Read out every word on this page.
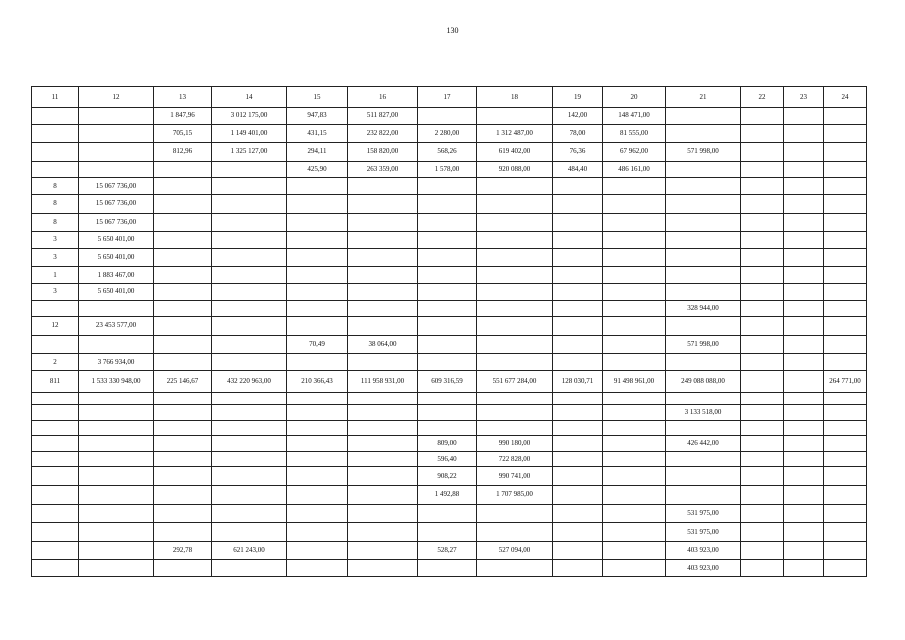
130
11	12	13	14	15	16	17	18	19	20	21	22	23	24
		1 847,96	3 012 175,00	947,83	511 827,00			142,00	148 471,00				
		705,15	1 149 401,00	431,15	232 822,00	2 280,00	1 312 487,00	78,00	81 555,00				
		812,96	1 325 127,00	294,11	158 820,00	568,26	619 402,00	76,36	67 962,00	571 998,00			
				425,90	263 359,00	1 578,00	920 088,00	484,40	486 161,00				
8	15 067 736,00												
8	15 067 736,00												
8	15 067 736,00												
3	5 650 401,00												
3	5 650 401,00												
1	1 883 467,00												
3	5 650 401,00												
										328 944,00			
12	23 453 577,00												
				70,49	38 064,00					571 998,00			
2	3 766 934,00												
811	1 533 330 948,00	225 146,67	432 220 963,00	210 366,43	111 958 931,00	609 316,59	551 677 284,00	128 030,71	91 498 961,00	249 088 088,00			264 771,00

										3 133 518,00			

						809,00	990 180,00			426 442,00			
						596,40	722 828,00						
						908,22	990 741,00						
						1 492,88	1 707 985,00						
										531 975,00			
										531 975,00			
		292,78	621 243,00			528,27	527 094,00			403 923,00			
										403 923,00			
